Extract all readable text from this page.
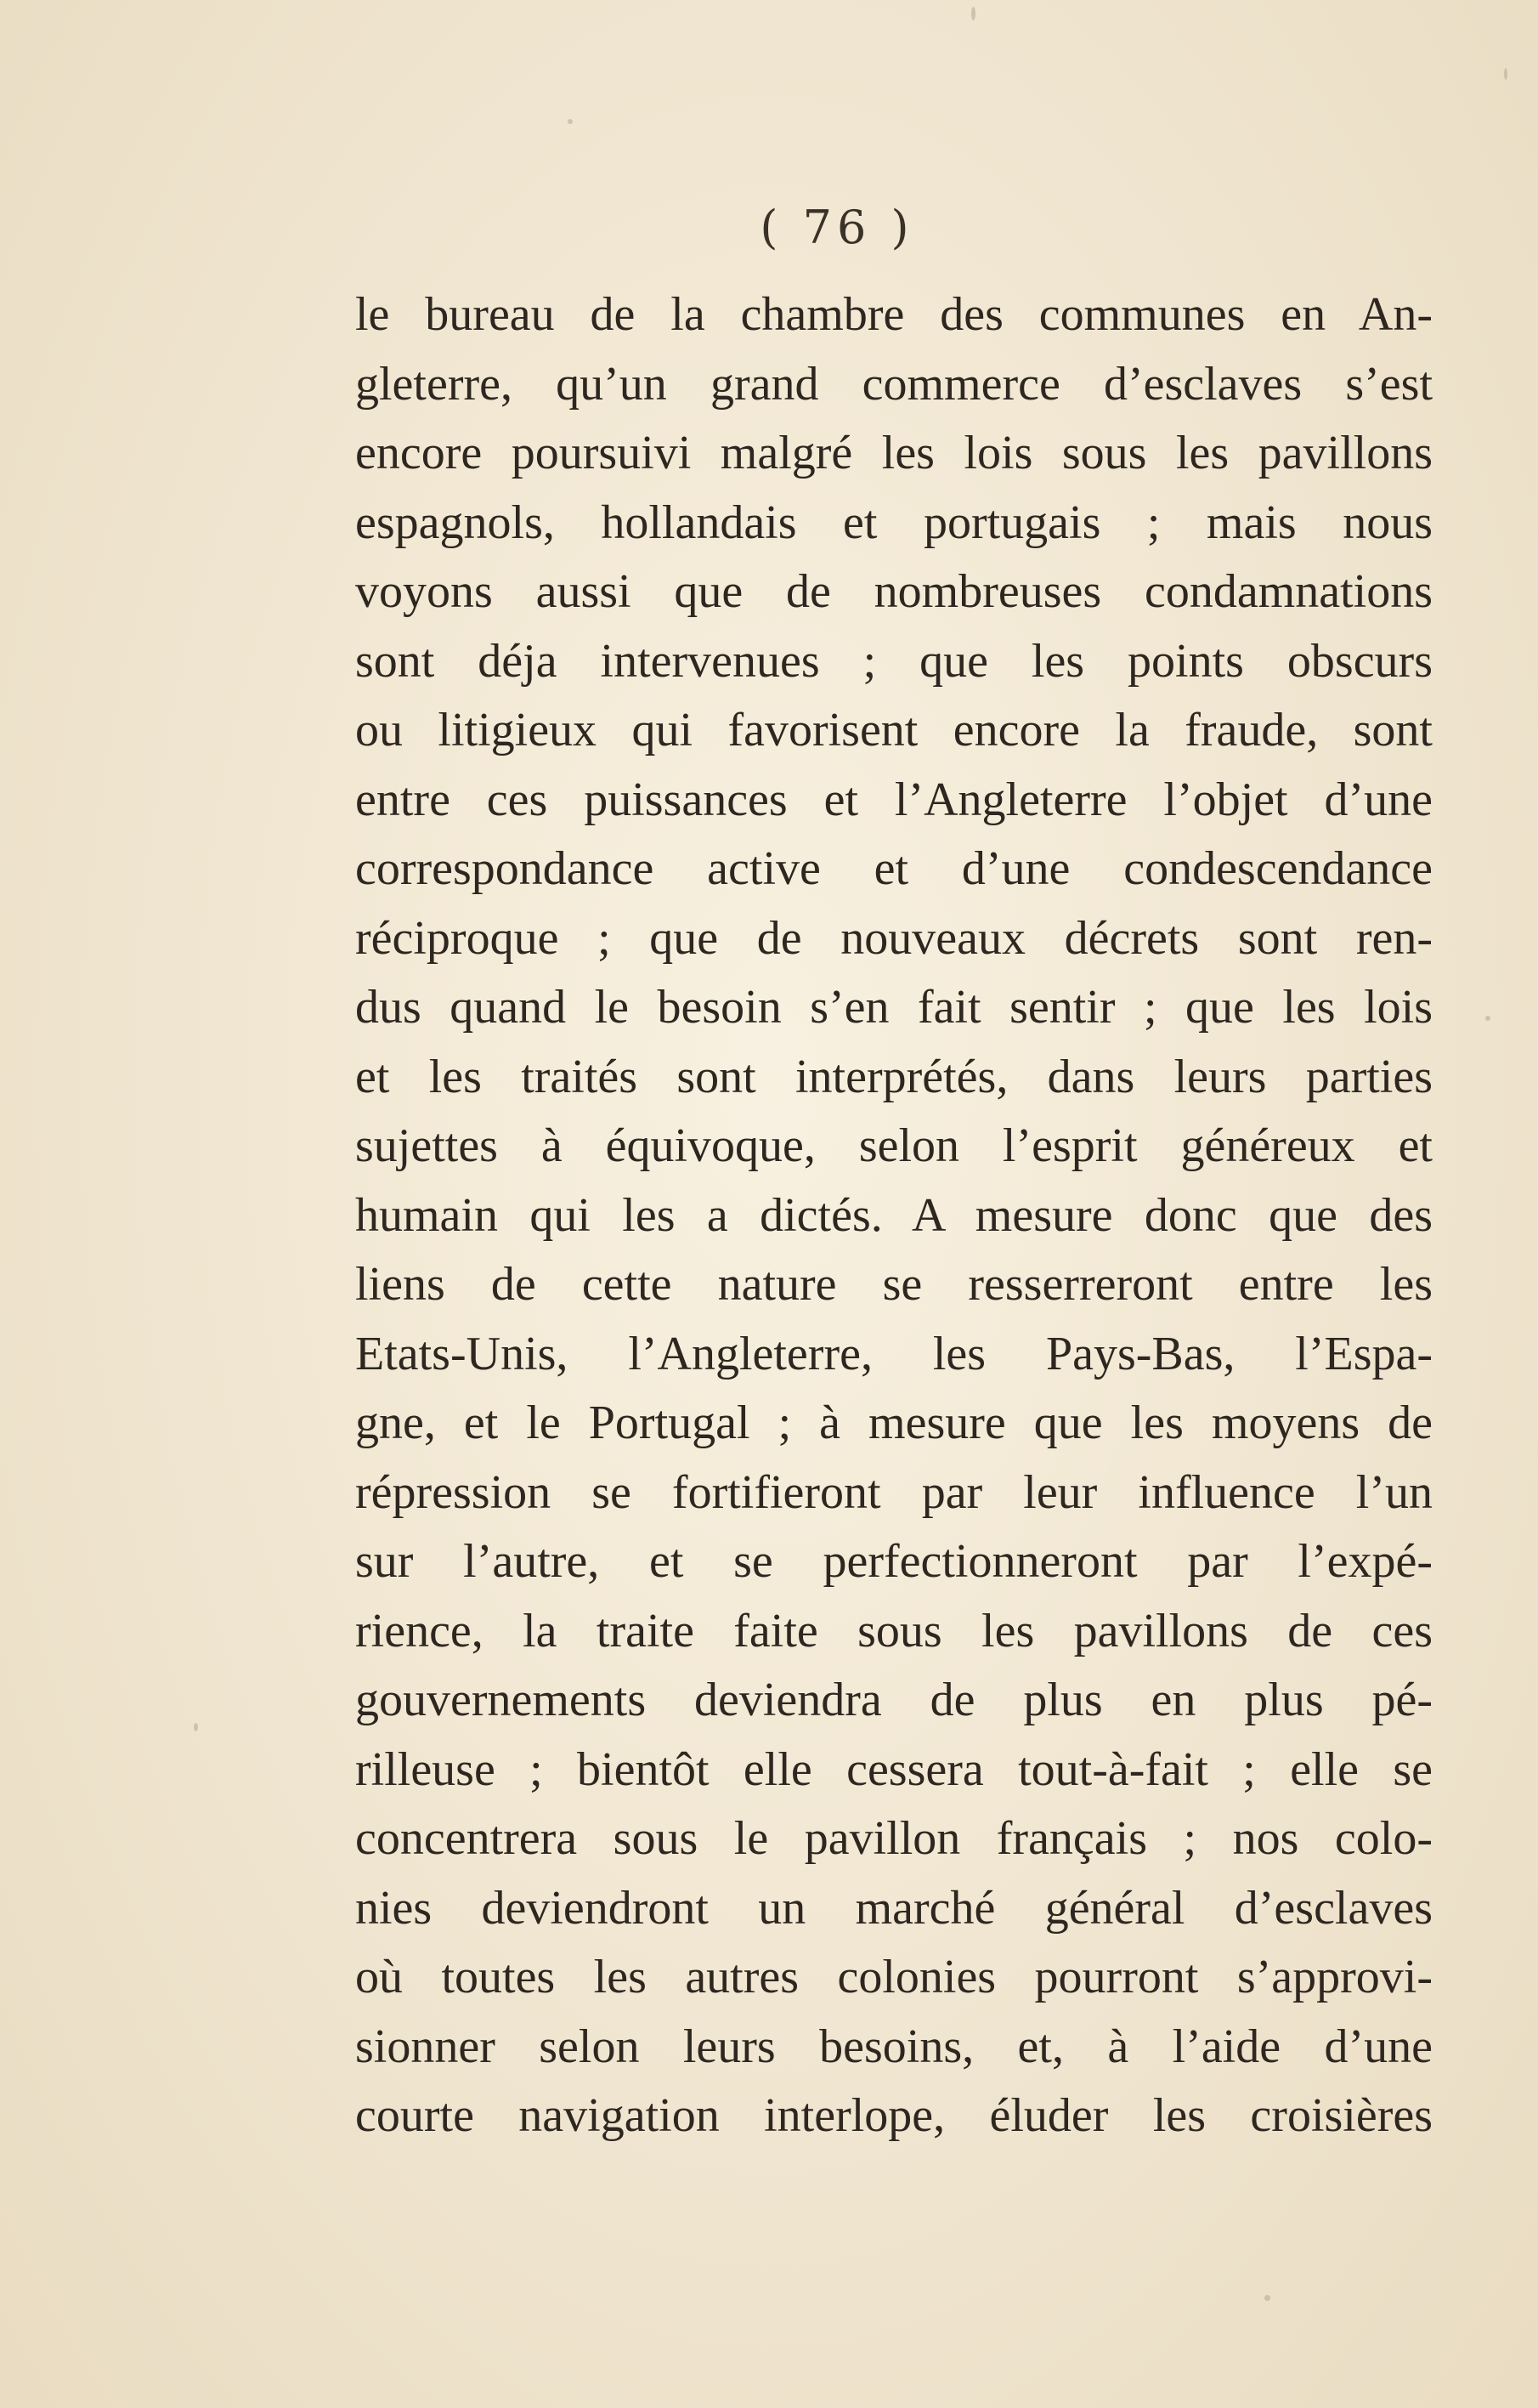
( 76 )
le bureau de la chambre des communes en An-
gleterre, qu’un grand commerce d’esclaves s’est
encore poursuivi malgré les lois sous les pavillons
espagnols, hollandais et portugais ; mais nous
voyons aussi que de nombreuses condamnations
sont déja intervenues ; que les points obscurs
ou litigieux qui favorisent encore la fraude, sont
entre ces puissances et l’Angleterre l’objet d’une
correspondance active et d’une condescendance
réciproque ; que de nouveaux décrets sont ren-
dus quand le besoin s’en fait sentir ; que les lois
et les traités sont interprétés, dans leurs parties
sujettes à équivoque, selon l’esprit généreux et
humain qui les a dictés. A mesure donc que des
liens de cette nature se resserreront entre les
Etats-Unis, l’Angleterre, les Pays-Bas, l’Espa-
gne, et le Portugal ; à mesure que les moyens de
répression se fortifieront par leur influence l’un
sur l’autre, et se perfectionneront par l’expé-
rience, la traite faite sous les pavillons de ces
gouvernements deviendra de plus en plus pé-
rilleuse ; bientôt elle cessera tout-à-fait ; elle se
concentrera sous le pavillon français ; nos colo-
nies deviendront un marché général d’esclaves
où toutes les autres colonies pourront s’approvi-
sionner selon leurs besoins, et, à l’aide d’une
courte navigation interlope, éluder les croisières
